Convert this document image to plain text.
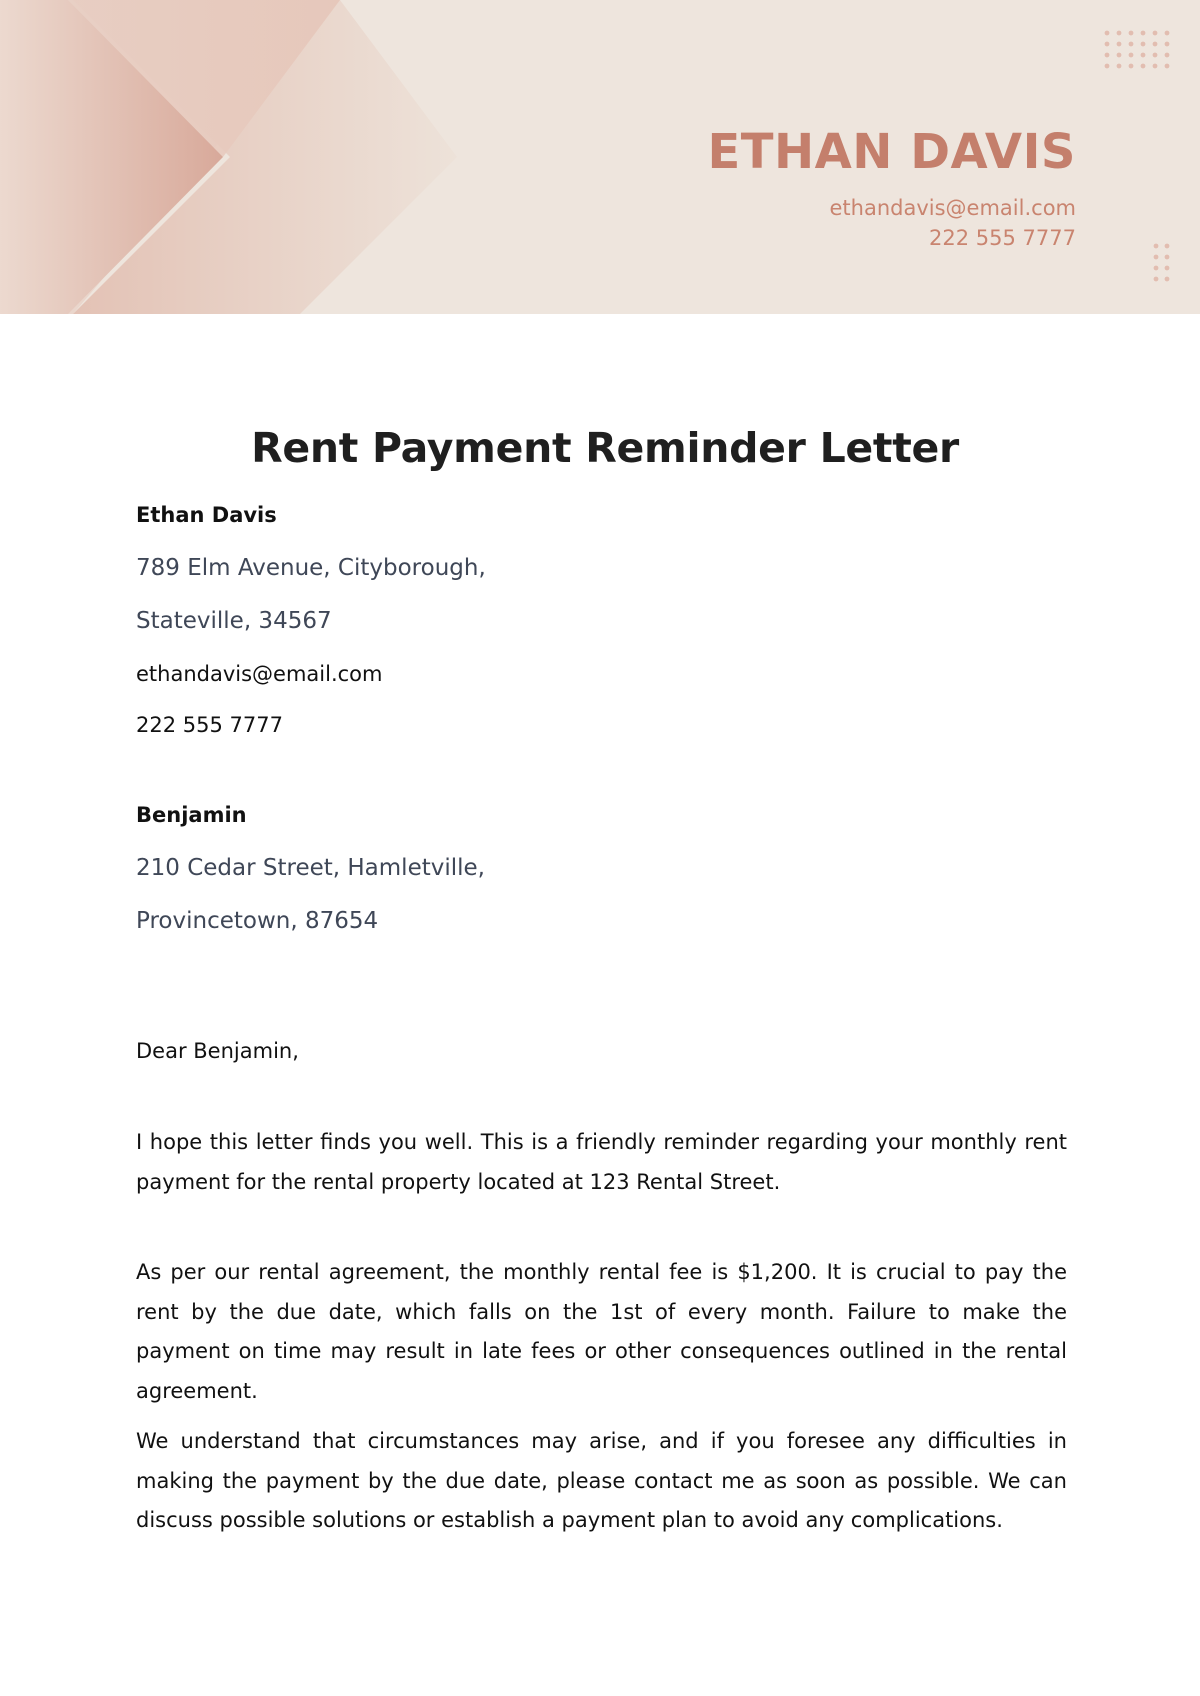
ETHAN DAVIS
ethandavis@email.com
222 555 7777
Rent Payment Reminder Letter
Ethan Davis
789 Elm Avenue, Cityborough,
Stateville, 34567
ethandavis@email.com
222 555 7777
Benjamin
210 Cedar Street, Hamletville,
Provincetown, 87654
Dear Benjamin,
I hope this letter finds you well. This is a friendly reminder regarding your monthly rent payment for the rental property located at 123 Rental Street.
As per our rental agreement, the monthly rental fee is $1,200. It is crucial to pay the rent by the due date, which falls on the 1st of every month. Failure to make the payment on time may result in late fees or other consequences outlined in the rental agreement.
We understand that circumstances may arise, and if you foresee any difficulties in making the payment by the due date, please contact me as soon as possible. We can discuss possible solutions or establish a payment plan to avoid any complications.
